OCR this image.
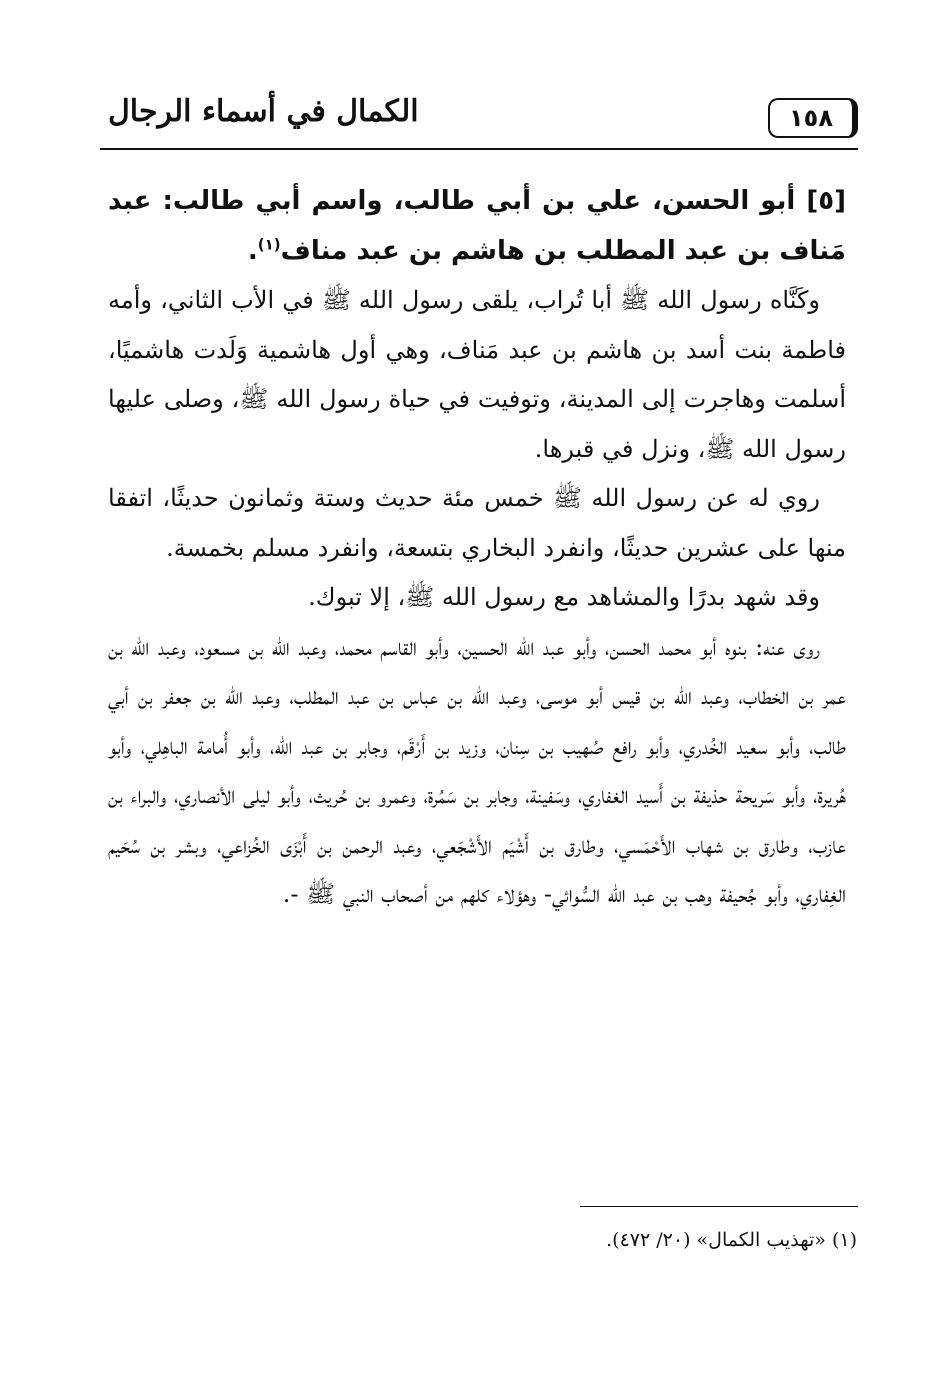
الكمال في أسماء الرجال	١٥٨

[٥] أبو الحسن، علي بن أبي طالب، واسم أبي طالب: عبد مَناف بن عبد المطلب بن هاشم بن عبد مناف$^{(١)}$.

وكَنَّاه رسول الله ﷺ أبا تُراب، يلقى رسول الله ﷺ في الأب الثاني، وأمه فاطمة بنت أسد بن هاشم بن عبد مَناف، وهي أول هاشمية وَلَدت هاشميًا، أسلمت وهاجرت إلى المدينة، وتوفيت في حياة رسول الله ﷺ، وصلى عليها رسول الله ﷺ، ونزل في قبرها.

روي له عن رسول الله ﷺ خمس مئة حديث وستة وثمانون حديثًا، اتفقا منها على عشرين حديثًا، وانفرد البخاري بتسعة، وانفرد مسلم بخمسة.

وقد شهد بدرًا والمشاهد مع رسول الله ﷺ، إلا تبوك.

روى عنه: بنوه أبو محمد الحسن، وأبو عبد الله الحسين، وأبو القاسم محمد، وعبد الله بن مسعود، وعبد الله بن عمر بن الخطاب، وعبد الله بن قيس أبو موسى، وعبد الله بن عباس بن عبد المطلب، وعبد الله بن جعفر بن أبي طالب، وأبو سعيد الخُدري، وأبو رافع صُهيب بن سِنان، وزيد بن أَرْقَم، وجابر بن عبد الله، وأبو أُمامة الباهِلي، وأبو هُريرة، وأبو سَريحة حذيفة بن أَسيد الغفاري، وسَفينة، وجابر بن سَمُرة، وعمرو بن حُريث، وأبو ليلى الأنصاري، والبراء بن عازب، وطارق بن شهاب الأَحْمَسي، وطارق بن أَشْيَم الأَشْجَعي، وعبد الرحمن بن أَبْزَى الخُزاعي، وبشر بن سُحَيم الغِفاري، وأبو جُحيفة وهب بن عبد الله السُّوائي- وهؤلاء كلهم من أصحاب النبي ﷺ -.

(١) «تهذيب الكمال» (٢٠/ ٤٧٢).
